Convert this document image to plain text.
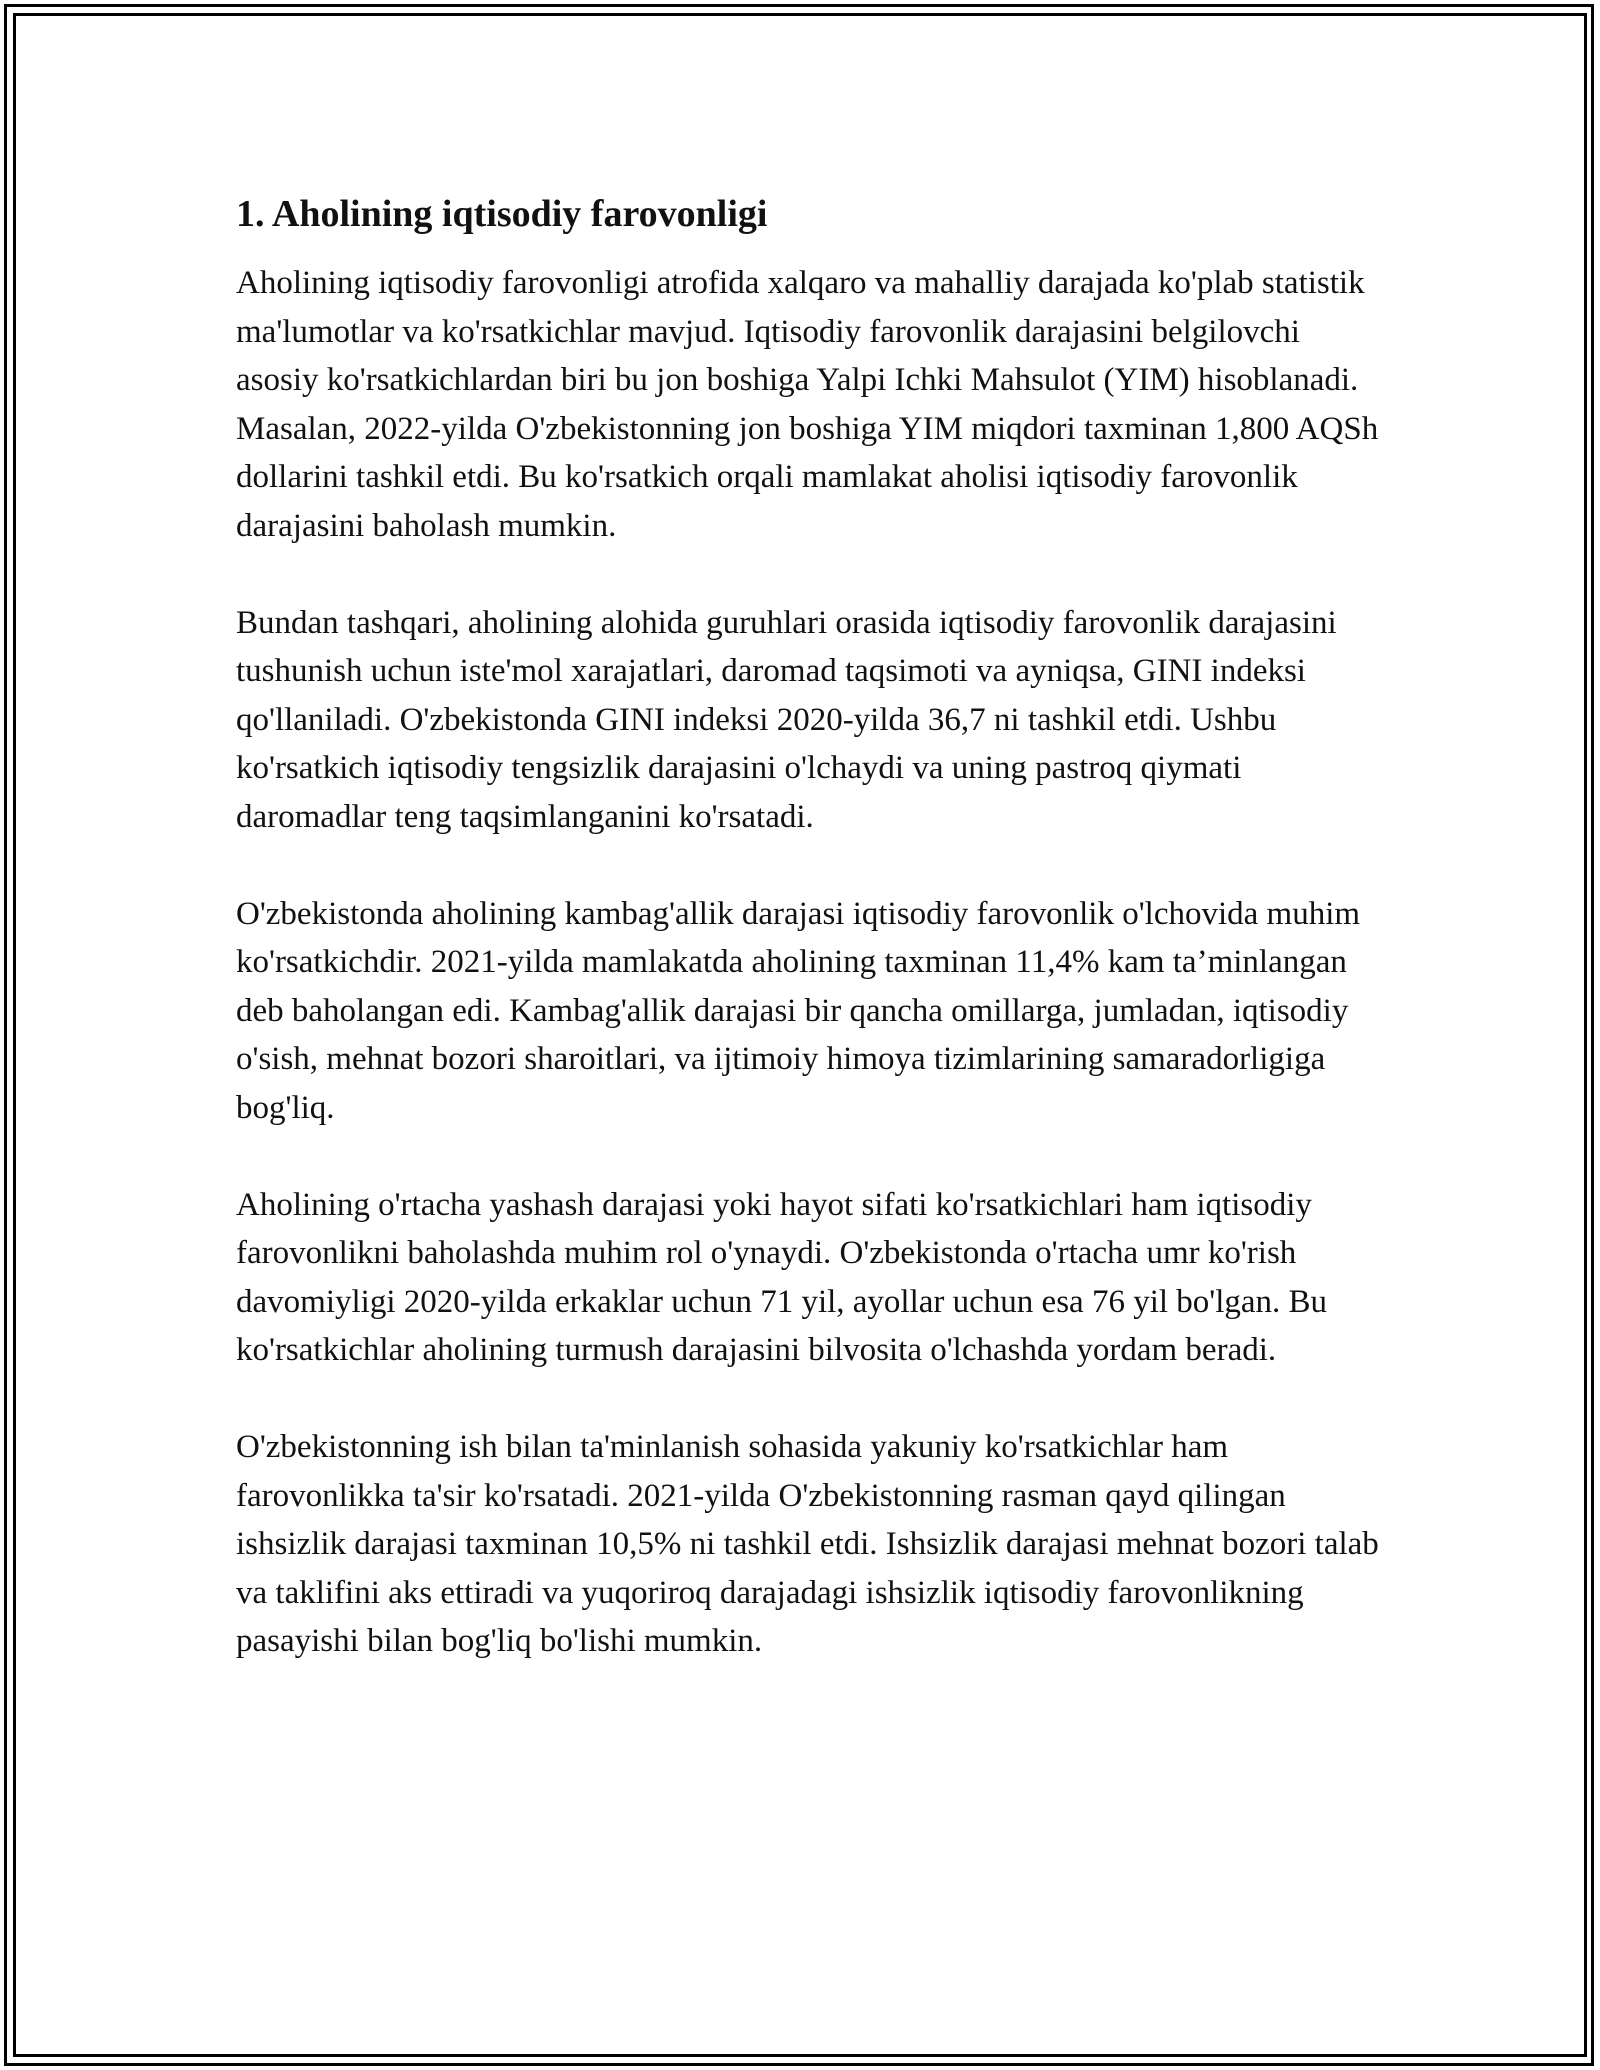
1. Aholining iqtisodiy farovonligi

Aholining iqtisodiy farovonligi atrofida xalqaro va mahalliy darajada ko'plab statistik ma'lumotlar va ko'rsatkichlar mavjud. Iqtisodiy farovonlik darajasini belgilovchi asosiy ko'rsatkichlardan biri bu jon boshiga Yalpi Ichki Mahsulot (YIM) hisoblanadi. Masalan, 2022-yilda O'zbekistonning jon boshiga YIM miqdori taxminan 1,800 AQSh dollarini tashkil etdi. Bu ko'rsatkich orqali mamlakat aholisi iqtisodiy farovonlik darajasini baholash mumkin.

Bundan tashqari, aholining alohida guruhlari orasida iqtisodiy farovonlik darajasini tushunish uchun iste'mol xarajatlari, daromad taqsimoti va ayniqsa, GINI indeksi qo'llaniladi. O'zbekistonda GINI indeksi 2020-yilda 36,7 ni tashkil etdi. Ushbu ko'rsatkich iqtisodiy tengsizlik darajasini o'lchaydi va uning pastroq qiymati daromadlar teng taqsimlanganini ko'rsatadi.

O'zbekistonda aholining kambag'allik darajasi iqtisodiy farovonlik o'lchovida muhim ko'rsatkichdir. 2021-yilda mamlakatda aholining taxminan 11,4% kam ta’minlangan deb baholangan edi. Kambag'allik darajasi bir qancha omillarga, jumladan, iqtisodiy o'sish, mehnat bozori sharoitlari, va ijtimoiy himoya tizimlarining samaradorligiga bog'liq.

Aholining o'rtacha yashash darajasi yoki hayot sifati ko'rsatkichlari ham iqtisodiy farovonlikni baholashda muhim rol o'ynaydi. O'zbekistonda o'rtacha umr ko'rish davomiyligi 2020-yilda erkaklar uchun 71 yil, ayollar uchun esa 76 yil bo'lgan. Bu ko'rsatkichlar aholining turmush darajasini bilvosita o'lchashda yordam beradi.

O'zbekistonning ish bilan ta'minlanish sohasida yakuniy ko'rsatkichlar ham farovonlikka ta'sir ko'rsatadi. 2021-yilda O'zbekistonning rasman qayd qilingan ishsizlik darajasi taxminan 10,5% ni tashkil etdi. Ishsizlik darajasi mehnat bozori talab va taklifini aks ettiradi va yuqoriroq darajadagi ishsizlik iqtisodiy farovonlikning pasayishi bilan bog'liq bo'lishi mumkin.
